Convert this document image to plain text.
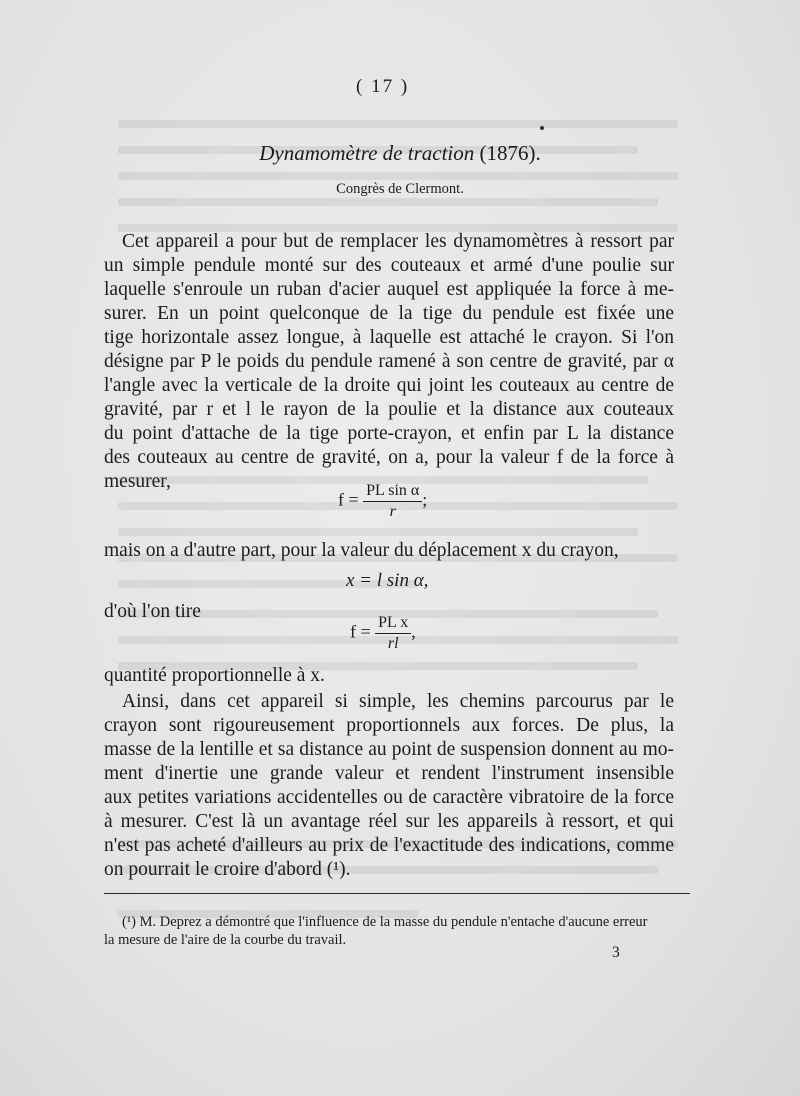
( 17 )
Dynamomètre de traction (1876).
Congrès de Clermont.
Cet appareil a pour but de remplacer les dynamomètres à ressort par
un simple pendule monté sur des couteaux et armé d'une poulie sur
laquelle s'enroule un ruban d'acier auquel est appliquée la force à me-
surer. En un point quelconque de la tige du pendule est fixée une
tige horizontale assez longue, à laquelle est attaché le crayon. Si l'on
désigne par P le poids du pendule ramené à son centre de gravité, par α
l'angle avec la verticale de la droite qui joint les couteaux au centre de
gravité, par r et l le rayon de la poulie et la distance aux couteaux
du point d'attache de la tige porte-crayon, et enfin par L la distance
des couteaux au centre de gravité, on a, pour la valeur f de la force à
mesurer,
$f = \frac{\text{PL sin α}}{r}$ ;
mais on a d'autre part, pour la valeur du déplacement x du crayon,
x = l sin α,
d'où l'on tire
$f = \frac{\text{PL x}}{rl}$ ,
quantité proportionnelle à x.
Ainsi, dans cet appareil si simple, les chemins parcourus par le
crayon sont rigoureusement proportionnels aux forces. De plus, la
masse de la lentille et sa distance au point de suspension donnent au mo-
ment d'inertie une grande valeur et rendent l'instrument insensible
aux petites variations accidentelles ou de caractère vibratoire de la force
à mesurer. C'est là un avantage réel sur les appareils à ressort, et qui
n'est pas acheté d'ailleurs au prix de l'exactitude des indications, comme
on pourrait le croire d'abord (¹).
(¹) M. Deprez a démontré que l'influence de la masse du pendule n'entache d'aucune erreur
la mesure de l'aire de la courbe du travail.
3
